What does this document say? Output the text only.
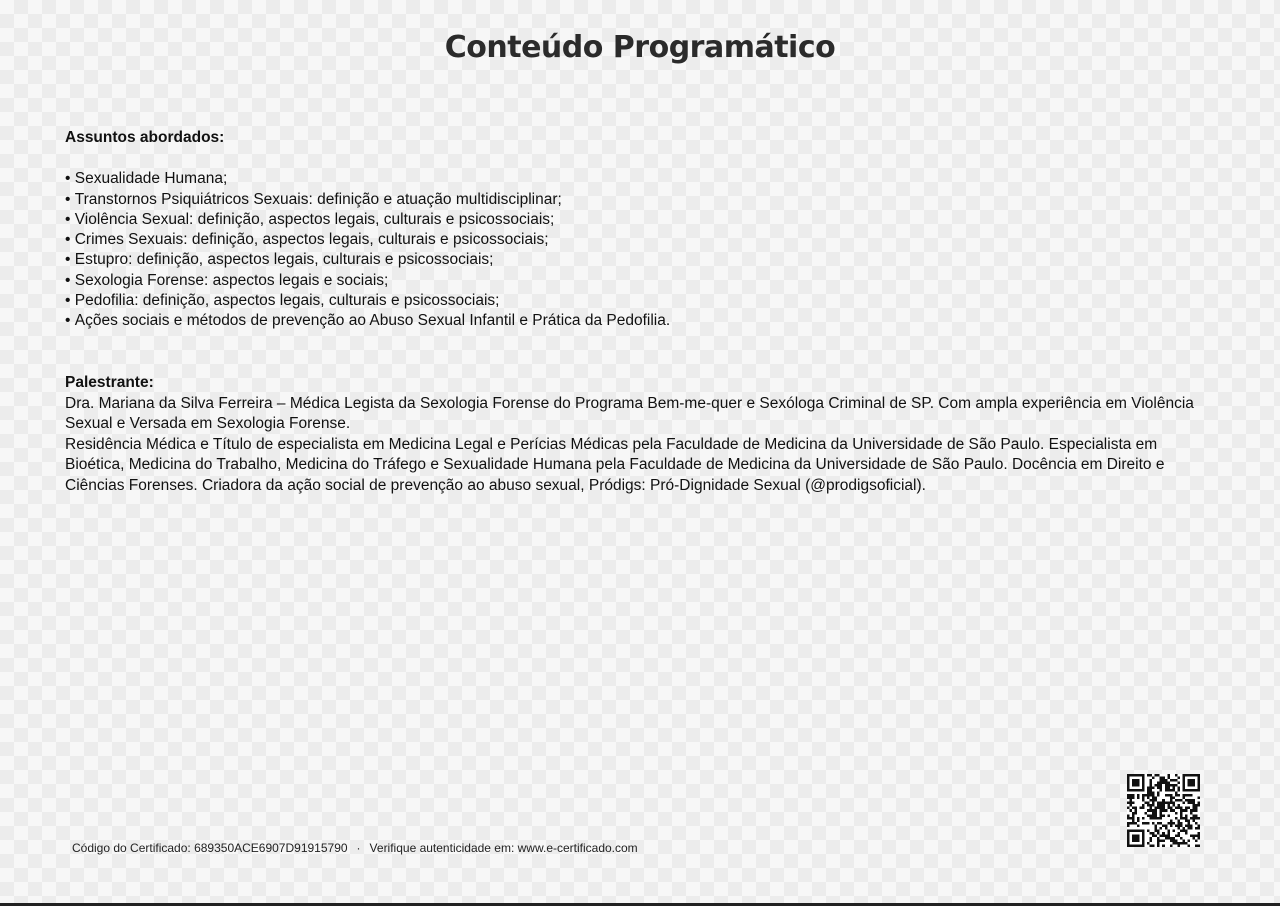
Conteúdo Programático

Assuntos abordados:

• Sexualidade Humana;
• Transtornos Psiquiátricos Sexuais: definição e atuação multidisciplinar;
• Violência Sexual: definição, aspectos legais, culturais e psicossociais;
• Crimes Sexuais: definição, aspectos legais, culturais e psicossociais;
• Estupro: definição, aspectos legais, culturais e psicossociais;
• Sexologia Forense: aspectos legais e sociais;
• Pedofilia: definição, aspectos legais, culturais e psicossociais;
• Ações sociais e métodos de prevenção ao Abuso Sexual Infantil e Prática da Pedofilia.

Palestrante:

Dra. Mariana da Silva Ferreira – Médica Legista da Sexologia Forense do Programa Bem-me-quer e Sexóloga Criminal de SP. Com ampla experiência em Violência Sexual e Versada em Sexologia Forense.

Residência Médica e Título de especialista em Medicina Legal e Perícias Médicas pela Faculdade de Medicina da Universidade de São Paulo. Especialista em Bioética, Medicina do Trabalho, Medicina do Tráfego e Sexualidade Humana pela Faculdade de Medicina da Universidade de São Paulo. Docência em Direito e Ciências Forenses. Criadora da ação social de prevenção ao abuso sexual, Pródigs: Pró-Dignidade Sexual (@prodigsoficial).

Código do Certificado: 689350ACE6907D91915790 · Verifique autenticidade em: www.e-certificado.com
